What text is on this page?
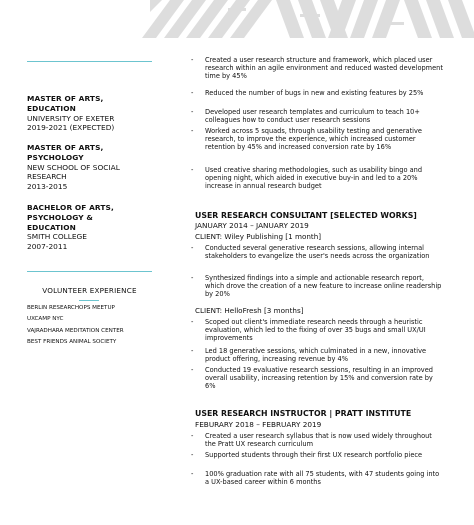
MASTER OF ARTS,
EDUCATION
UNIVERSITY OF EXETER
2019-2021 (EXPECTED)
MASTER OF ARTS,
PSYCHOLOGY
NEW SCHOOL OF SOCIAL
RESEARCH
2013-2015
BACHELOR OF ARTS,
PSYCHOLOGY &
EDUCATION
SMITH COLLEGE
2007-2011
VOLUNTEER EXPERIENCE
BERLIN RESEARCHOPS MEETUP
UXCAMP NYC
VAJRADHARA MEDITATION CENTER
BEST FRIENDS ANIMAL SOCIETY
- Created a user research structure and framework, which placed user research within an agile environment and reduced wasted development time by 45%
- Reduced the number of bugs in new and existing features by 25%
- Developed user research templates and curriculum to teach 10+ colleagues how to conduct user research sessions
- Worked across 5 squads, through usability testing and generative research, to improve the experience, which increased customer retention by 45% and increased conversion rate by 16%
- Used creative sharing methodologies, such as usability bingo and opening night, which aided in executive buy-in and led to a 20% increase in annual research budget
USER RESEARCH CONSULTANT [SELECTED WORKS]
JANUARY 2014 – JANUARY 2019
CLIENT: Wiley Publishing [1 month]
- Conducted several generative research sessions, allowing internal stakeholders to evangelize the user's needs across the organization
- Synthesized findings into a simple and actionable research report, which drove the creation of a new feature to increase online readership by 20%
CLIENT: HelloFresh [3 months]
- Scoped out client's immediate research needs through a heuristic evaluation, which led to the fixing of over 35 bugs and small UX/UI improvements
- Led 18 generative sessions, which culminated in a new, innovative product offering, increasing revenue by 4%
- Conducted 19 evaluative research sessions, resulting in an improved overall usability, increasing retention by 15% and conversion rate by 6%
USER RESEARCH INSTRUCTOR | PRATT INSTITUTE
FEBURARY 2018 – FEBRUARY 2019
- Created a user research syllabus that is now used widely throughout the Pratt UX research curriculum
- Supported students through their first UX research portfolio piece
- 100% graduation rate with all 75 students, with 47 students going into a UX-based career within 6 months
